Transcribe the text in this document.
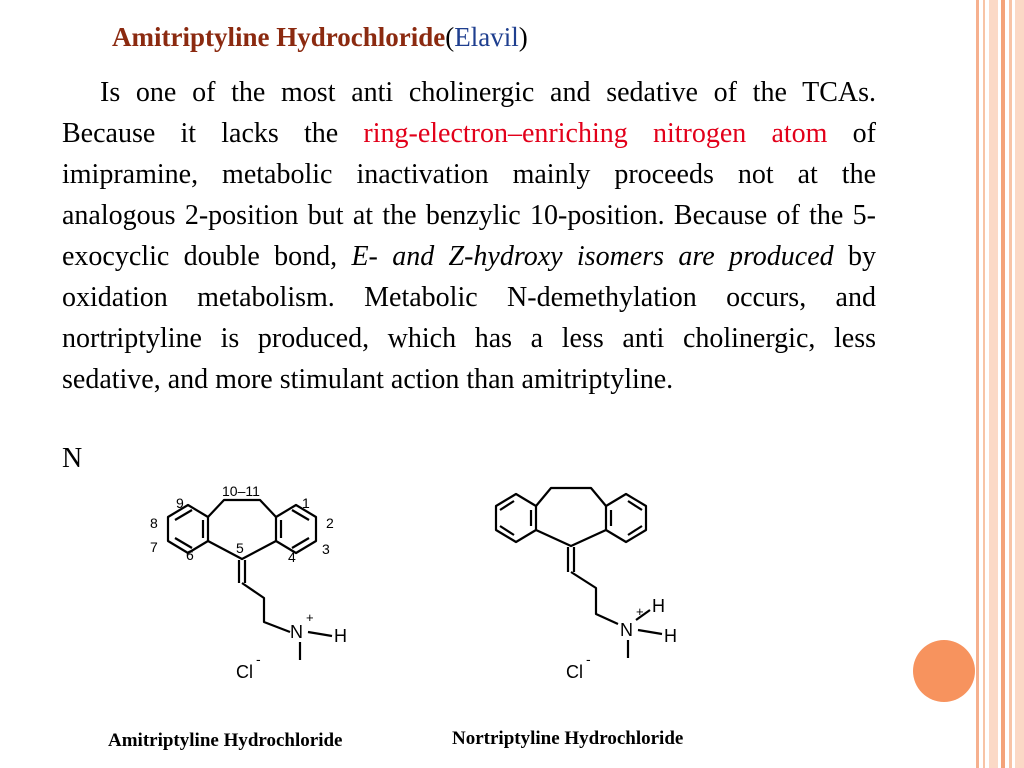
Amitriptyline Hydrochloride(Elavil)
Is one of the most anti cholinergic and sedative of the TCAs. Because it lacks the ring-electron–enriching nitrogen atom of imipramine, metabolic inactivation mainly proceeds not at the analogous 2-position but at the benzylic 10-position. Because of the 5- exocyclic double bond, E- and Z-hydroxy isomers are produced by oxidation metabolism. Metabolic N-demethylation occurs, and nortriptyline is produced, which has a less anti cholinergic, less sedative, and more stimulant action than amitriptyline.
N
10–11
9
8
7 6	5
4 3
2
1
N
+
H
Cl
-
N
+ H
H
Cl
-
Amitriptyline Hydrochloride	Nortriptyline Hydrochloride
